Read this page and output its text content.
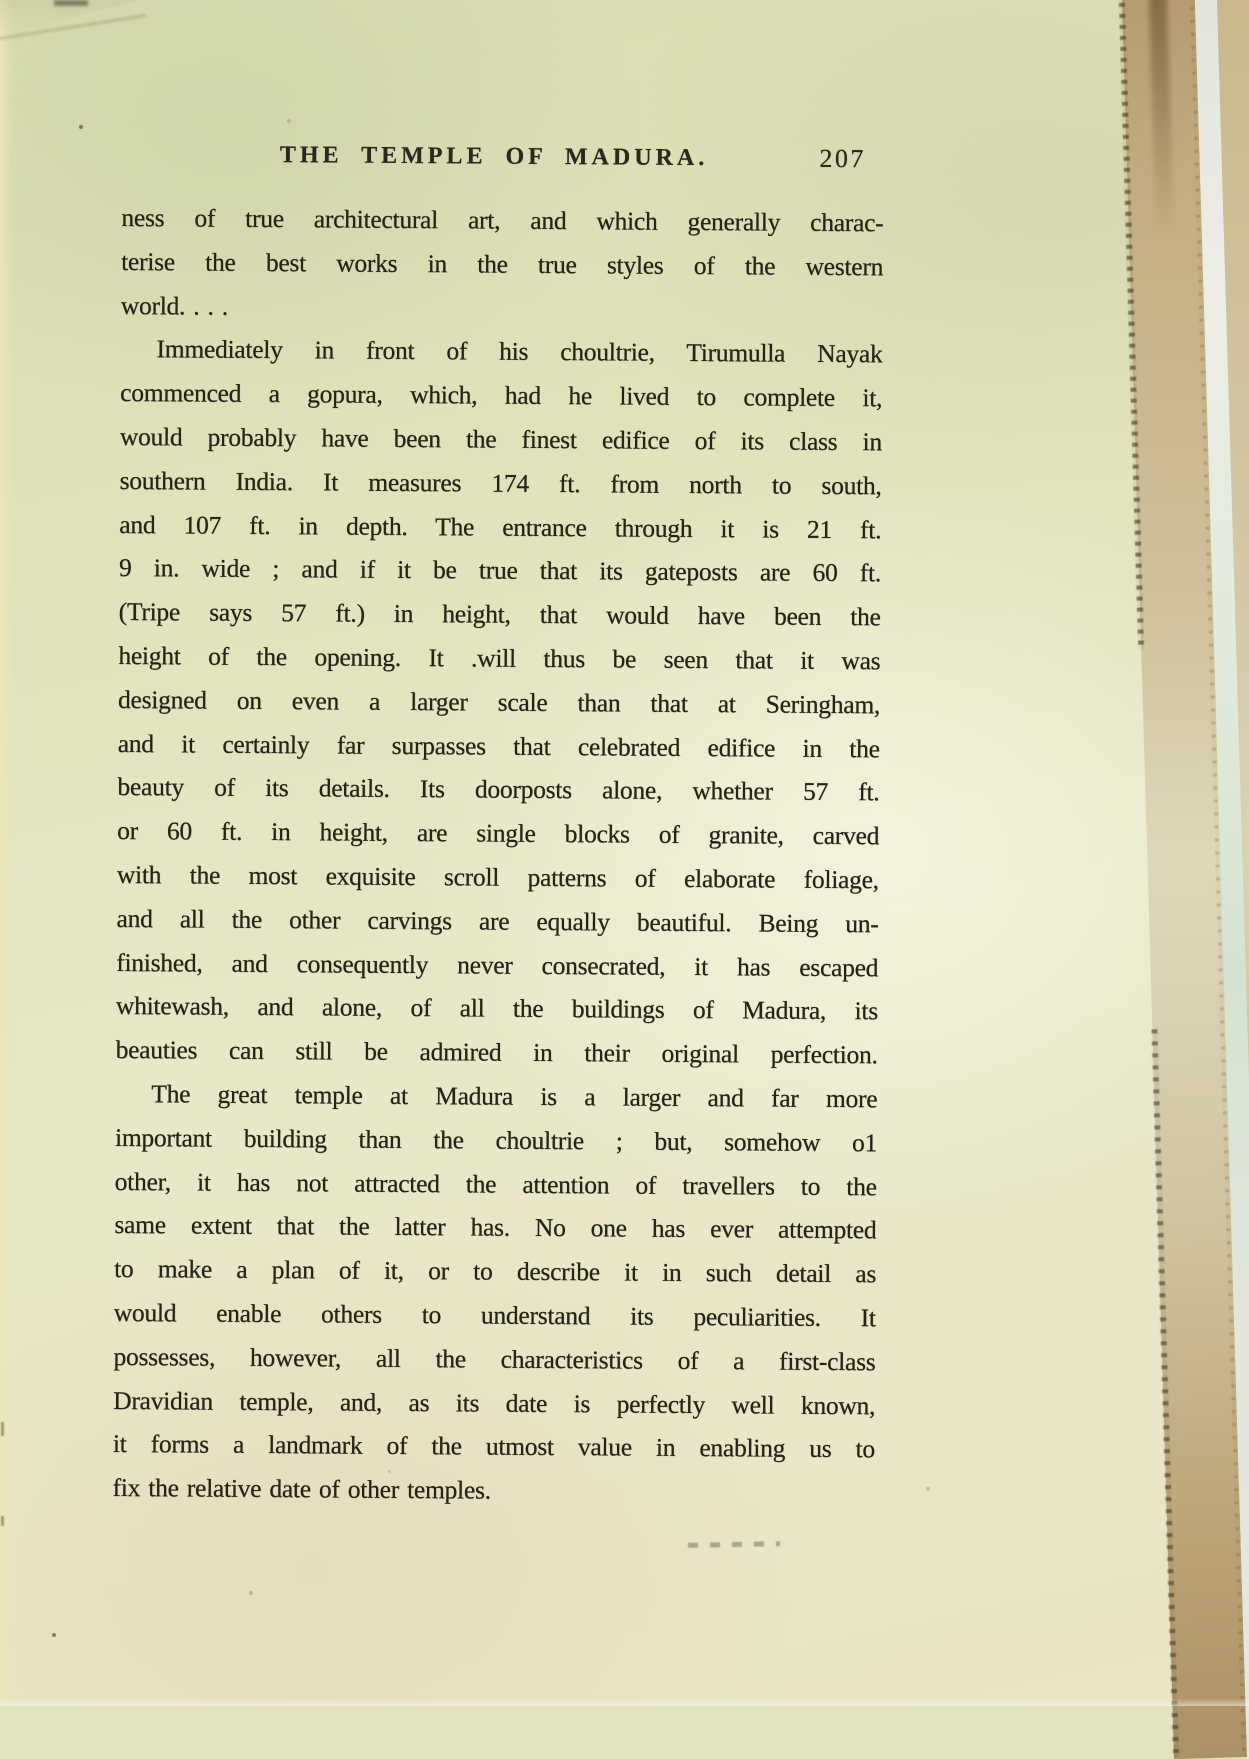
THE TEMPLE OF MADURA.	207
ness of true architectural art, and which generally charac-
terise the best works in the true styles of the western
world. . . .
Immediately in front of his choultrie, Tirumulla Nayak
commenced a gopura, which, had he lived to complete it,
would probably have been the finest edifice of its class in
southern India. It measures 174 ft. from north to south,
and 107 ft. in depth. The entrance through it is 21 ft.
9 in. wide ; and if it be true that its gateposts are 60 ft.
(Tripe says 57 ft.) in height, that would have been the
height of the opening. It .will thus be seen that it was
designed on even a larger scale than that at Seringham,
and it certainly far surpasses that celebrated edifice in the
beauty of its details. Its doorposts alone, whether 57 ft.
or 60 ft. in height, are single blocks of granite, carved
with the most exquisite scroll patterns of elaborate foliage,
and all the other carvings are equally beautiful. Being un-
finished, and consequently never consecrated, it has escaped
whitewash, and alone, of all the buildings of Madura, its
beauties can still be admired in their original perfection.
The great temple at Madura is a larger and far more
important building than the choultrie ; but, somehow o1
other, it has not attracted the attention of travellers to the
same extent that the latter has. No one has ever attempted
to make a plan of it, or to describe it in such detail as
would enable others to understand its peculiarities. It
possesses, however, all the characteristics of a first-class
Dravidian temple, and, as its date is perfectly well known,
it forms a landmark of the utmost value in enabling us to
fix the relative date of other temples.
